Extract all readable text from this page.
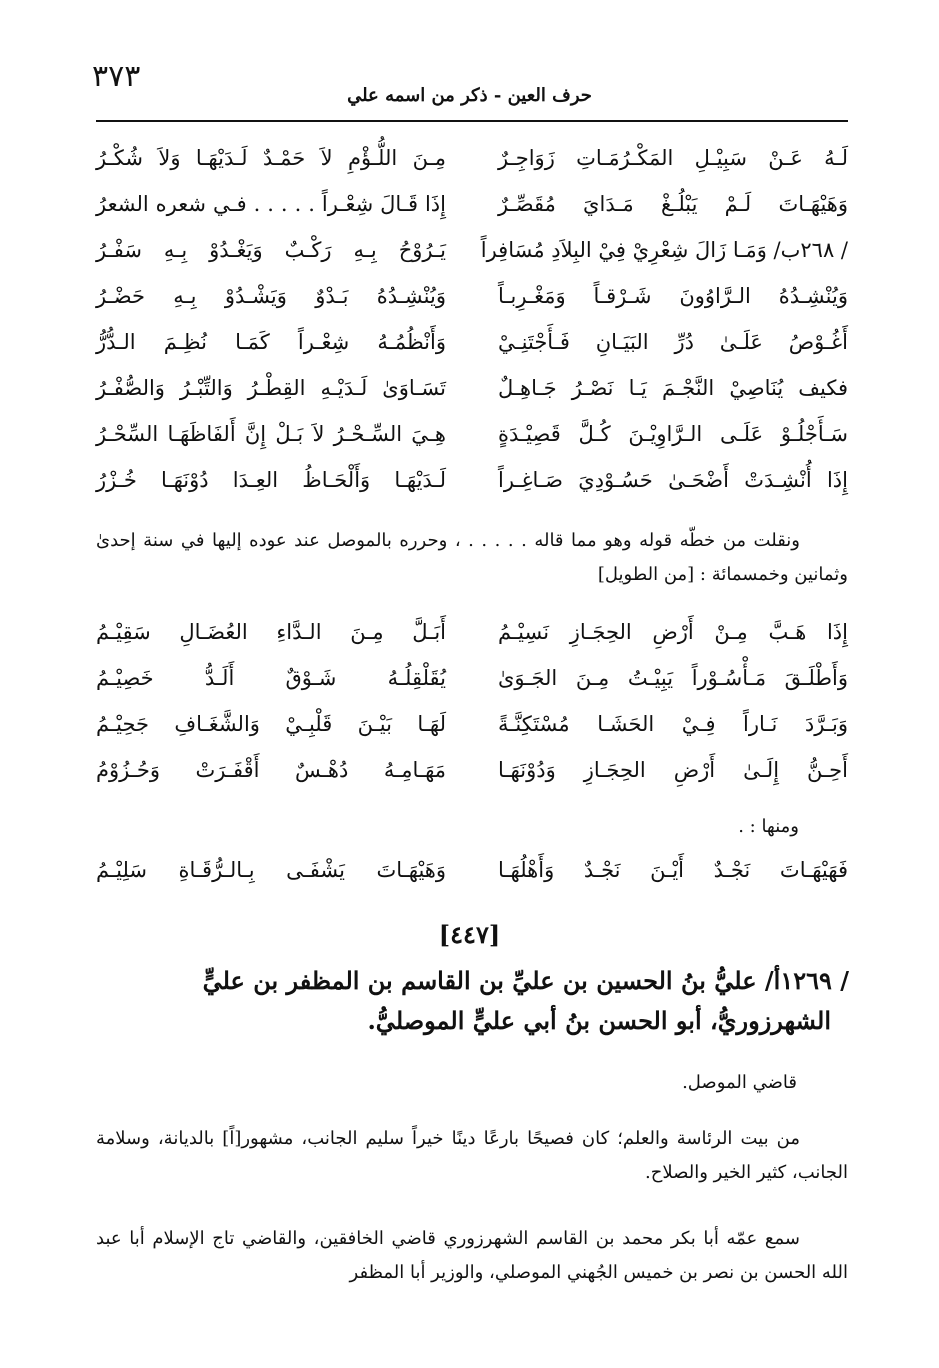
٣٧٣
حرف العين - ذكر من اسمه علي
لَـهُ عَـنْ سَبِيْـلِ المَكْـرُمَـاتِ زَوَاجِـرٌ
مِـنَ اللُّـؤْمِ لاَ حَمْـدٌ لَـدَيْهَـا وَلاَ شُكْـرُ
وَهَيْهَـاتَ لَـمْ يَبْلُـغْ مَـدَايَ مُقَصِّـرٌ
إِذَا قَـالَ شِعْـراً . . . . . فـي شعره الشعرُ
/ ٢٦٨ب/ وَمَـا زَالَ شِعْرِيْ فِيْ البِلاَدِ مُسَافِراً
يَـرُوْحُ بِـهِ رَكْـبٌ وَيَغْـدُوْ بِـهِ سَفْـرُ
وَيُنْشِـدُهُ الـرَّاوُونَ شَـرْقـاً وَمَغْـرِبـاً
وَيُنْشِـدُهُ بَـدْوٌ وَيَشْـدُوْ بِـهِ حَضْـرُ
أَغُـوْصُ عَلَـىٰ دُرِّ البَيَـانِ فَـأَجْتَنِـيْ
وَأَنْظُمُـهُ شِعْـراً كَمَـا نُظِـمَ الـدُّرُّ
فكيف يُنَاصِيْ النَّجْـمَ يَـا نَصْـرُ جَـاهِـلٌ
تَسَـاوَىٰ لَـدَيْـهِ القِطْـرُ وَالتِّبْـرُ وَالصُّفْـرُ
سَـأَجْلُـوْ عَلَـى الـرَّاوِيْـنَ كُـلَّ قَصِيْـدَةٍ
هِـيَ السِّـحْـرُ لاَ بَـلْ إِنَّ أَلفَاظَهَـا السِّحْـرُ
إِذَا أُنْشِـدَتْ أَضْحَـىٰ حَسُـوْدِيَ صَـاغِـراً
لَـدَيْهَـا وَأَلْحَـاظُ العِـدَا دُوْنَهَـا خُـزْرُ
ونقلت من خطّه قوله وهو مما قاله . . . . . ، وحرره بالموصل عند عوده إليها في سنة إحدىٰ وثمانين وخمسمائة : [من الطويل]
إِذَا هَـبَّ مِـنْ أَرْضِ الحِجَـازِ نَسِيْـمُ
أَبَـلَّ مِـنَ الـدَّاءِ العُضَـالِ سَقِيْـمُ
وَأَطْلَـقَ مَـأْسُـوْراً يَبِيْـتُ مِـنَ الجَـوَىٰ
يُقَلْقِلُـهُ شَـوْقٌ أَلَـدُّ خَصِيْـمُ
وَبَـرَّدَ نَـاراً فِـيْ الحَشَـا مُسْتَكِنَّـةً
لَهَـا بَيْـنَ قَلْبِـيْ وَالشَّغَـافِ جَحِيْـمُ
أَحِـنُّ إِلَـىٰ أَرْضِ الحِجَـازِ وَدُوْنَهَـا
مَهَـامِـهُ دُهْـسٌ أَقْفَـرَتْ وَحُـزُوْمُ
ومنها : .
فَهَيْهَـاتَ نَجْـدٌ أَيْـنَ نَجْـدٌ وَأَهْلُهَـا
وَهَيْهَـاتَ يَشْفَـى بِـالـرُّقَـاةِ سَلِيْـمُ
[٤٤٧]
/ ١٢٦٩أ/ عليُّ بنُ الحسين بن عليِّ بن القاسم بن المظفر بن عليٍّ
الشهرزوريُّ، أبو الحسن بنُ أبي عليٍّ الموصليُّ.
قاضي الموصل.
من بيت الرئاسة والعلم؛ كان فصيحًا بارعًا دينًا خيراً سليم الجانب، مشهور[اً] بالديانة، وسلامة الجانب، كثير الخير والصلاح.
سمع عمّه أبا بكر محمد بن القاسم الشهرزوري قاضي الخافقين، والقاضي تاج الإسلام أبا عبد الله الحسن بن نصر بن خميس الجُهني الموصلي، والوزير أبا المظفر
